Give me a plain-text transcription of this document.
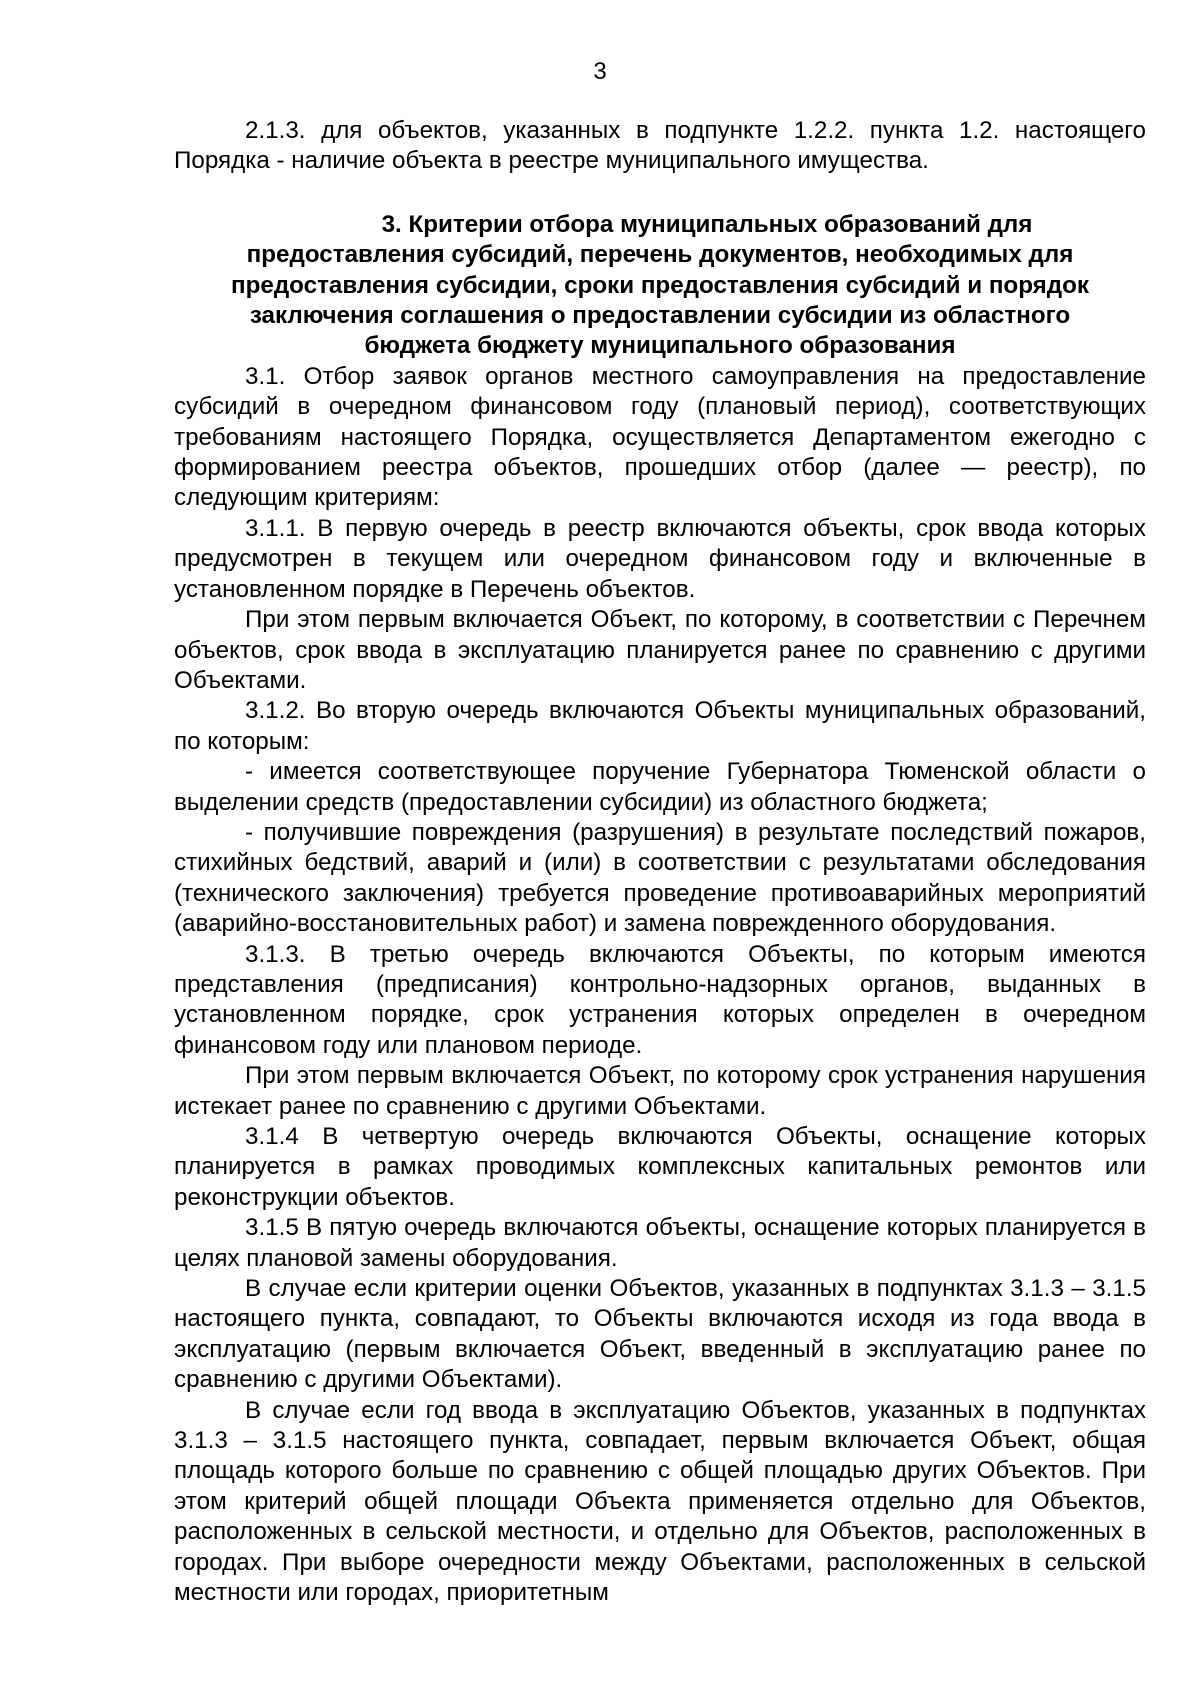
3

2.1.3. для объектов, указанных в подпункте 1.2.2. пункта 1.2. настоящего Порядка - наличие объекта в реестре муниципального имущества.

3. Критерии отбора муниципальных образований для
предоставления субсидий, перечень документов, необходимых для
предоставления субсидии, сроки предоставления субсидий и порядок
заключения соглашения о предоставлении субсидии из областного
бюджета бюджету муниципального образования

3.1. Отбор заявок органов местного самоуправления на предоставление субсидий в очередном финансовом году (плановый период), соответствующих требованиям настоящего Порядка, осуществляется Департаментом ежегодно с формированием реестра объектов, прошедших отбор (далее — реестр), по следующим критериям:

3.1.1. В первую очередь в реестр включаются объекты, срок ввода которых предусмотрен в текущем или очередном финансовом году и включенные в установленном порядке в Перечень объектов.

При этом первым включается Объект, по которому, в соответствии с Перечнем объектов, срок ввода в эксплуатацию планируется ранее по сравнению с другими Объектами.

3.1.2. Во вторую очередь включаются Объекты муниципальных образований, по которым:

- имеется соответствующее поручение Губернатора Тюменской области о выделении средств (предоставлении субсидии) из областного бюджета;

- получившие повреждения (разрушения) в результате последствий пожаров, стихийных бедствий, аварий и (или) в соответствии с результатами обследования (технического заключения) требуется проведение противоаварийных мероприятий (аварийно-восстановительных работ) и замена поврежденного оборудования.

3.1.3. В третью очередь включаются Объекты, по которым имеются представления (предписания) контрольно-надзорных органов, выданных в установленном порядке, срок устранения которых определен в очередном финансовом году или плановом периоде.

При этом первым включается Объект, по которому срок устранения нарушения истекает ранее по сравнению с другими Объектами.

3.1.4 В четвертую очередь включаются Объекты, оснащение которых планируется в рамках проводимых комплексных капитальных ремонтов или реконструкции объектов.

3.1.5 В пятую очередь включаются объекты, оснащение которых планируется в целях плановой замены оборудования.

В случае если критерии оценки Объектов, указанных в подпунктах 3.1.3 – 3.1.5 настоящего пункта, совпадают, то Объекты включаются исходя из года ввода в эксплуатацию (первым включается Объект, введенный в эксплуатацию ранее по сравнению с другими Объектами).

В случае если год ввода в эксплуатацию Объектов, указанных в подпунктах 3.1.3 – 3.1.5 настоящего пункта, совпадает, первым включается Объект, общая площадь которого больше по сравнению с общей площадью других Объектов. При этом критерий общей площади Объекта применяется отдельно для Объектов, расположенных в сельской местности, и отдельно для Объектов, расположенных в городах. При выборе очередности между Объектами, расположенных в сельской местности или городах, приоритетным
